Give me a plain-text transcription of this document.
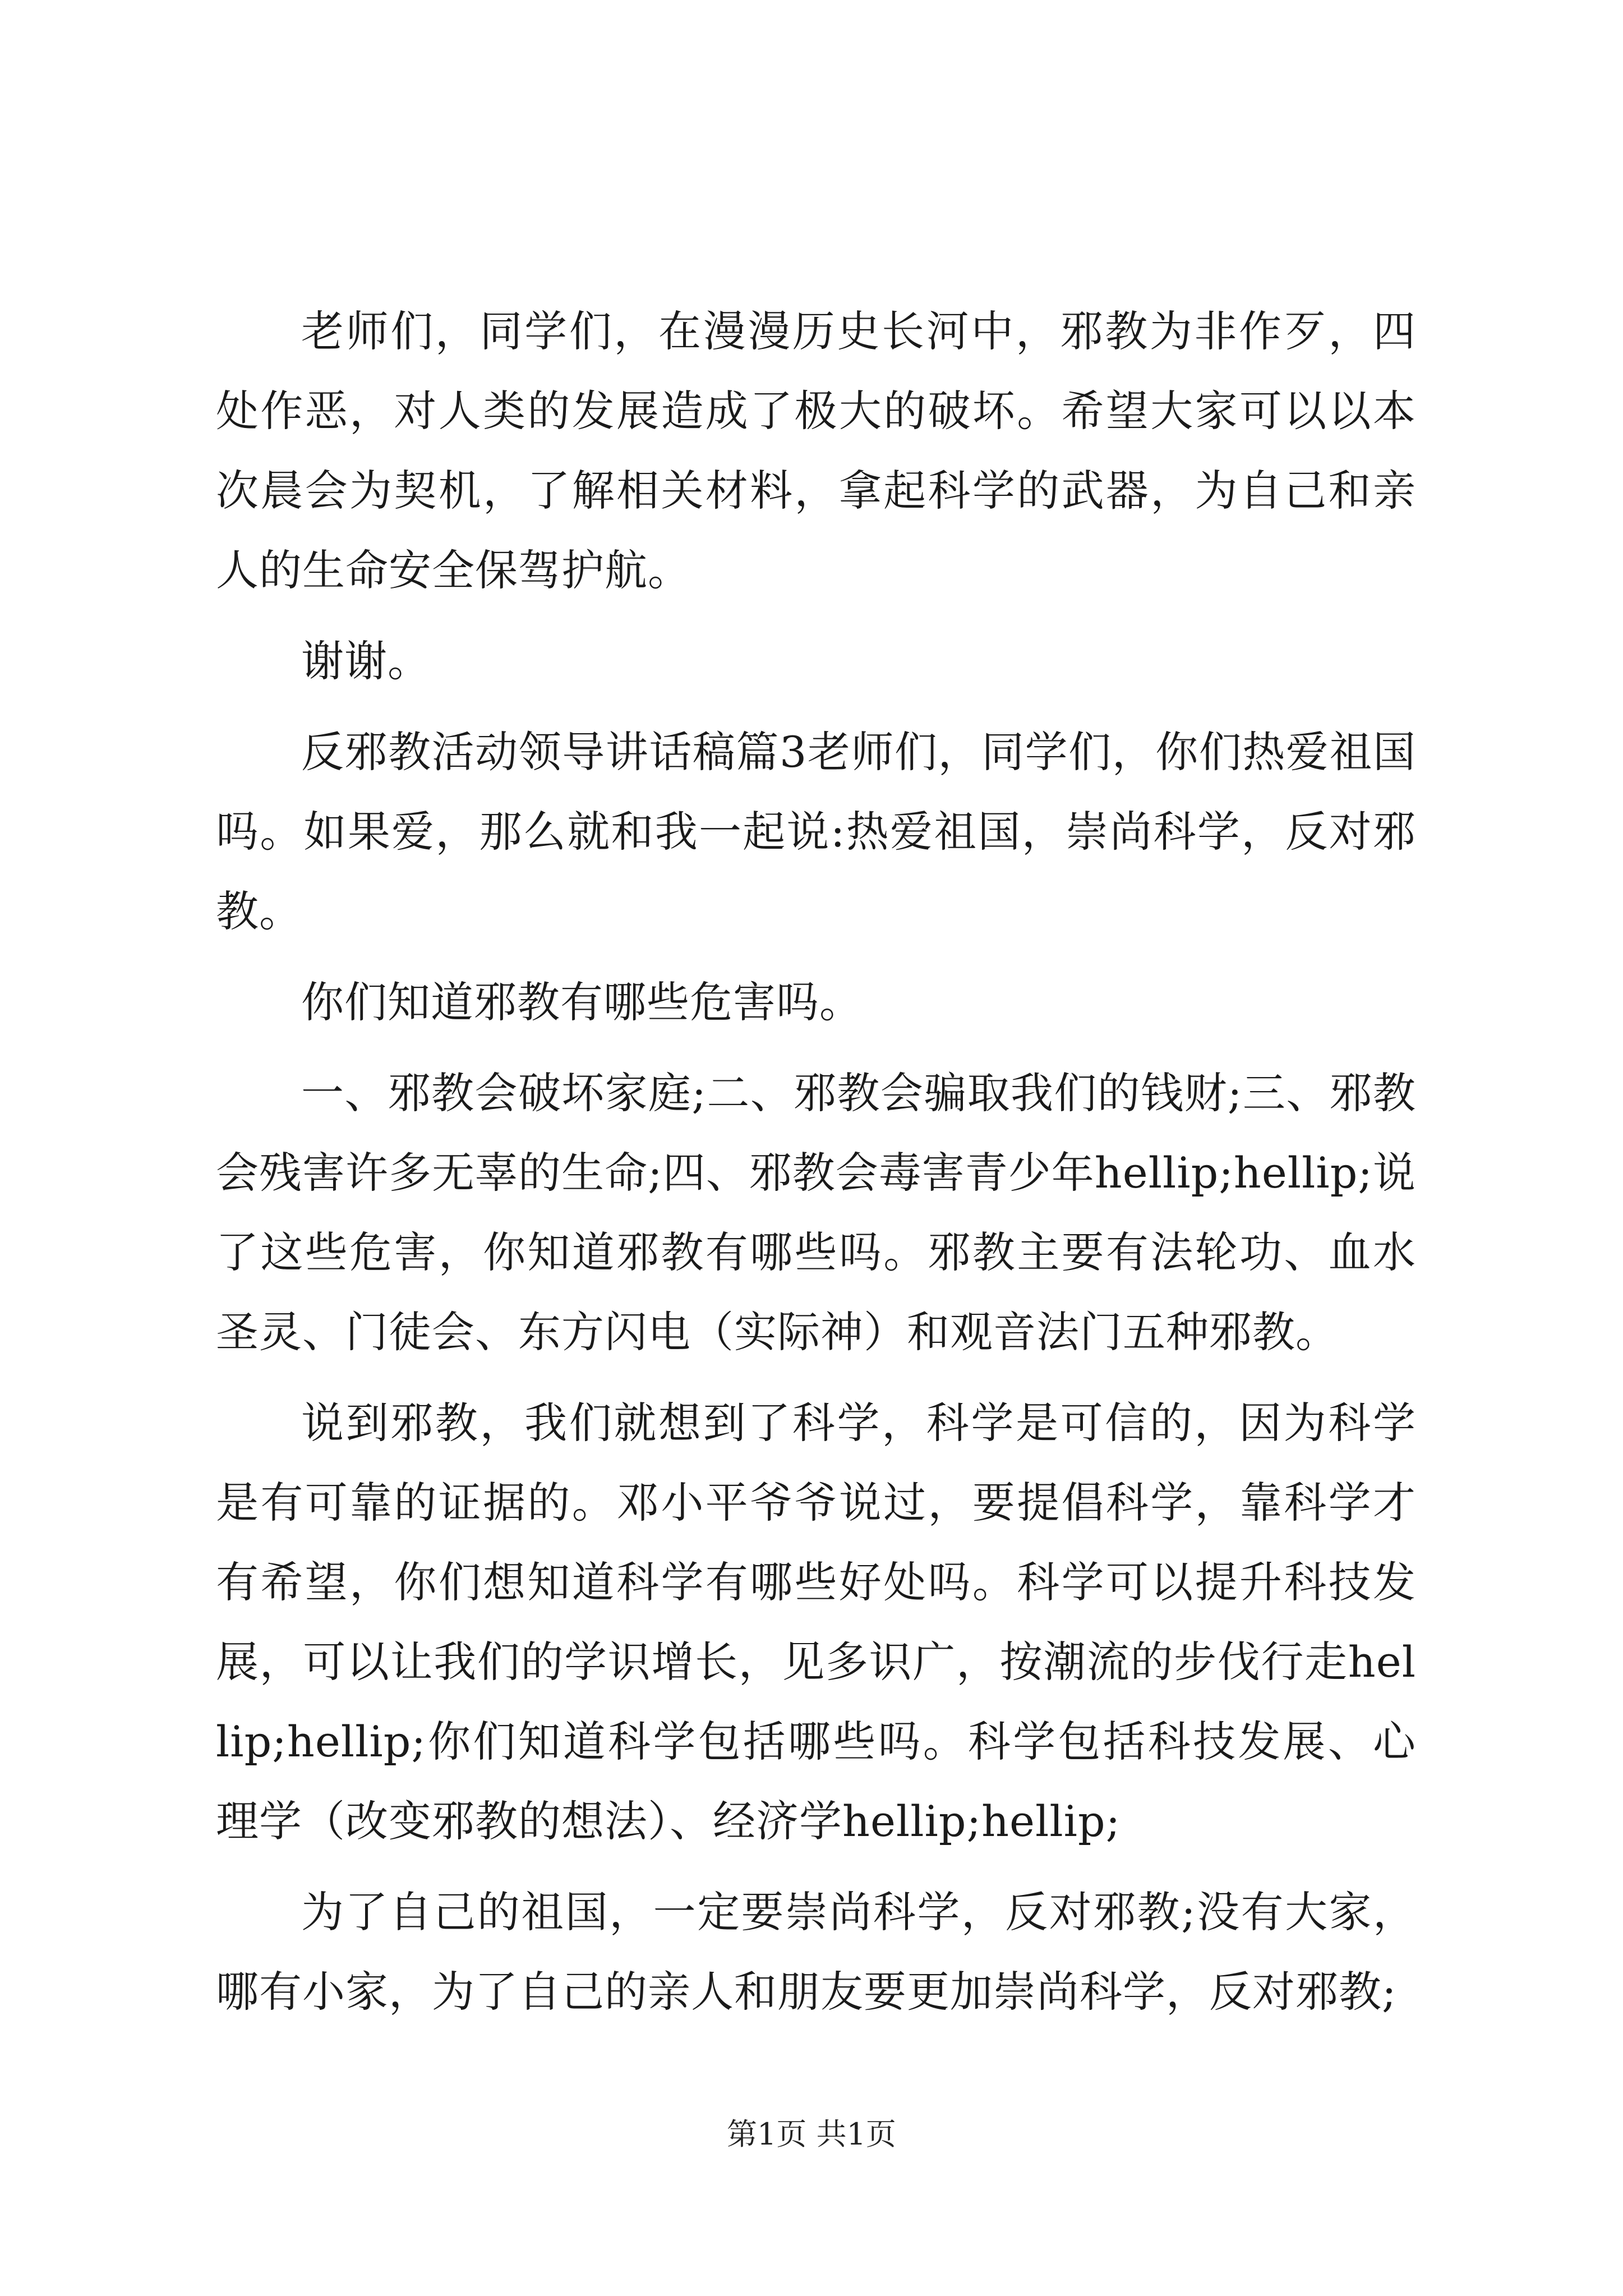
老师们，同学们，在漫漫历史长河中，邪教为非作歹，四处作恶，对人类的发展造成了极大的破坏。希望大家可以以本次晨会为契机，了解相关材料，拿起科学的武器，为自己和亲人的生命安全保驾护航。

谢谢。

反邪教活动领导讲话稿篇3老师们，同学们，你们热爱祖国吗。如果爱，那么就和我一起说:热爱祖国，崇尚科学，反对邪教。

你们知道邪教有哪些危害吗。

一、邪教会破坏家庭;二、邪教会骗取我们的钱财;三、邪教会残害许多无辜的生命;四、邪教会毒害青少年hellip;hellip;说了这些危害，你知道邪教有哪些吗。邪教主要有法轮功、血水圣灵、门徒会、东方闪电（实际神）和观音法门五种邪教。

说到邪教，我们就想到了科学，科学是可信的，因为科学是有可靠的证据的。邓小平爷爷说过，要提倡科学，靠科学才有希望，你们想知道科学有哪些好处吗。科学可以提升科技发展，可以让我们的学识增长，见多识广，按潮流的步伐行走hellip;hellip;你们知道科学包括哪些吗。科学包括科技发展、心理学（改变邪教的想法）、经济学hellip;hellip;

为了自己的祖国，一定要崇尚科学，反对邪教;没有大家，哪有小家，为了自己的亲人和朋友要更加崇尚科学，反对邪教;

第1页 共1页
